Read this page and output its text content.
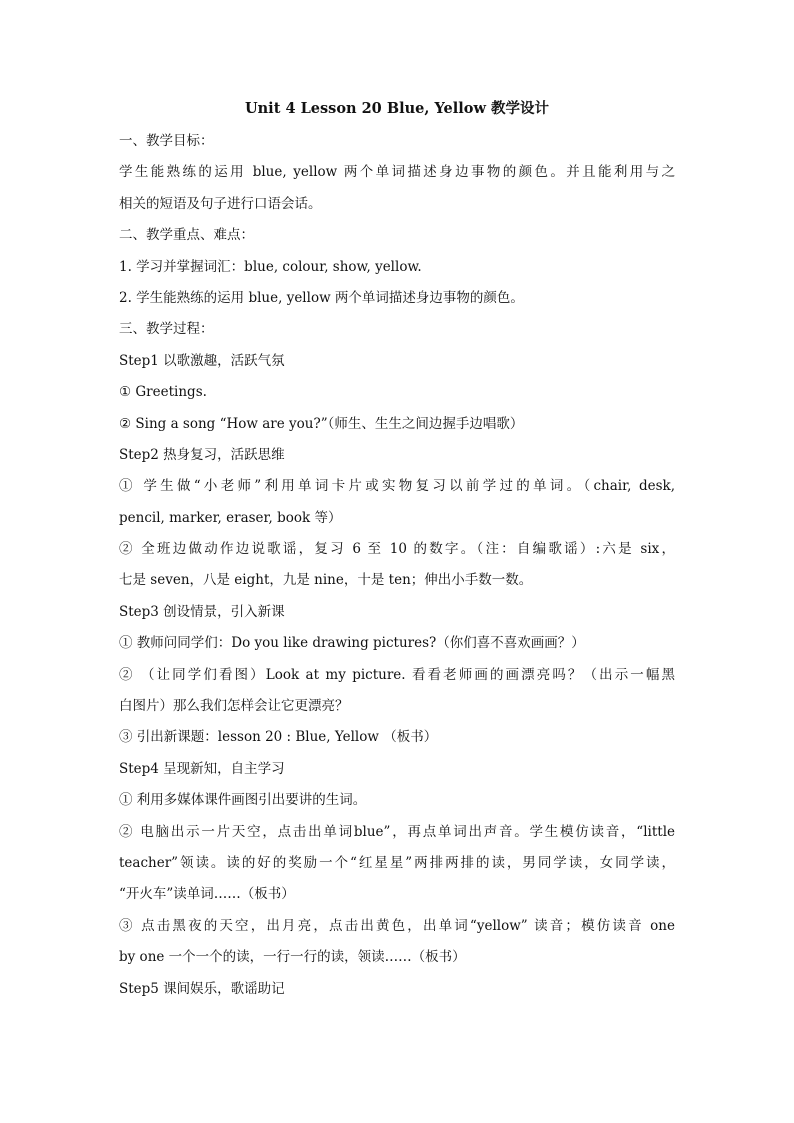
Unit 4 Lesson 20 Blue, Yellow 教学设计
一、教学目标：
学生能熟练的运用 blue, yellow 两个单词描述身边事物的颜色。并且能利用与之
相关的短语及句子进行口语会话。
二、教学重点、难点：
1. 学习并掌握词汇：blue, colour, show, yellow.
2. 学生能熟练的运用 blue, yellow 两个单词描述身边事物的颜色。
三、教学过程：
Step1 以歌激趣，活跃气氛
① Greetings.
② Sing a song “How are you?”（师生、生生之间边握手边唱歌）
Step2 热身复习，活跃思维
① 学生做“小老师”利用单词卡片或实物复习以前学过的单词。（chair, desk,
pencil, marker, eraser, book 等）
② 全班边做动作边说歌谣，复习 6 至 10 的数字。（注：自编歌谣）:六是 six，
七是 seven，八是 eight，九是 nine，十是 ten；伸出小手数一数。
Step3 创设情景，引入新课
① 教师问同学们：Do you like drawing pictures?（你们喜不喜欢画画？）
② （让同学们看图）Look at my picture. 看看老师画的画漂亮吗？（出示一幅黑
白图片）那么我们怎样会让它更漂亮？
③ 引出新课题：lesson 20 : Blue, Yellow （板书）
Step4 呈现新知，自主学习
① 利用多媒体课件画图引出要讲的生词。
② 电脑出示一片天空，点击出单词blue”，再点单词出声音。学生模仿读音，“little
teacher”领读。读的好的奖励一个“红星星”两排两排的读，男同学读，女同学读，
“开火车”读单词……（板书）
③ 点击黑夜的天空，出月亮，点击出黄色，出单词“yellow” 读音；模仿读音 one
by one 一个一个的读，一行一行的读，领读……（板书）
Step5 课间娱乐，歌谣助记
